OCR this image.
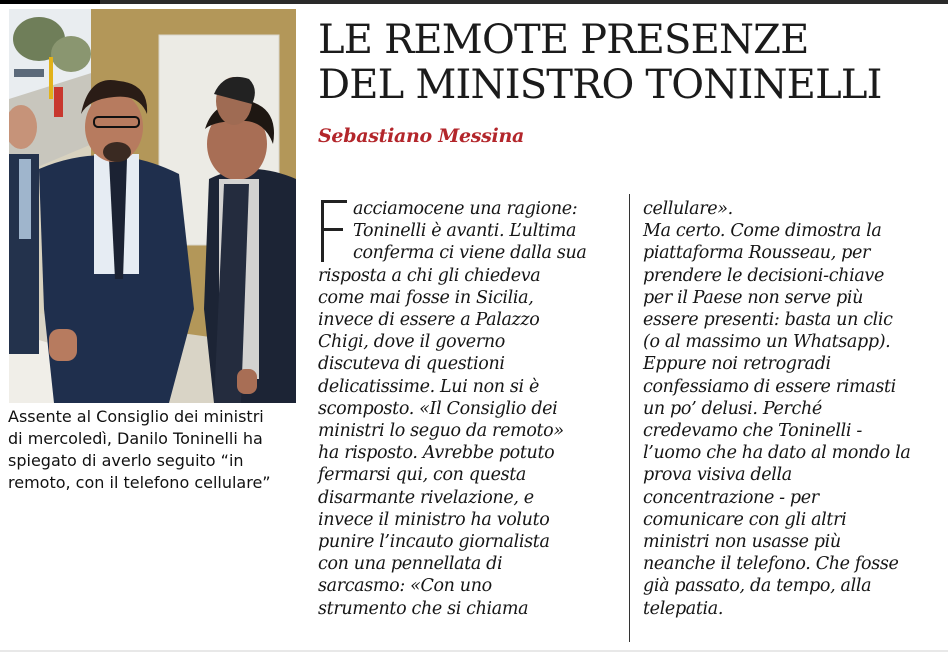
Assente al Consiglio dei ministri
di mercoledì, Danilo Toninelli ha
spiegato di averlo seguito “in
remoto, con il telefono cellulare”

LE REMOTE PRESENZE
DEL MINISTRO TONINELLI

Sebastiano Messina

F

acciamocene una ragione:
Toninelli è avanti. L’ultima
conferma ci viene dalla sua
risposta a chi gli chiedeva
come mai fosse in Sicilia,
invece di essere a Palazzo
Chigi, dove il governo
discuteva di questioni
delicatissime. Lui non si è
scomposto. «Il Consiglio dei
ministri lo seguo da remoto»
ha risposto. Avrebbe potuto
fermarsi qui, con questa
disarmante rivelazione, e
invece il ministro ha voluto
punire l’incauto giornalista
con una pennellata di
sarcasmo: «Con uno
strumento che si chiama

cellulare».
Ma certo. Come dimostra la
piattaforma Rousseau, per
prendere le decisioni-chiave
per il Paese non serve più
essere presenti: basta un clic
(o al massimo un Whatsapp).
Eppure noi retrogradi
confessiamo di essere rimasti
un po’ delusi. Perché
credevamo che Toninelli -
l’uomo che ha dato al mondo la
prova visiva della
concentrazione - per
comunicare con gli altri
ministri non usasse più
neanche il telefono. Che fosse
già passato, da tempo, alla
telepatia.
